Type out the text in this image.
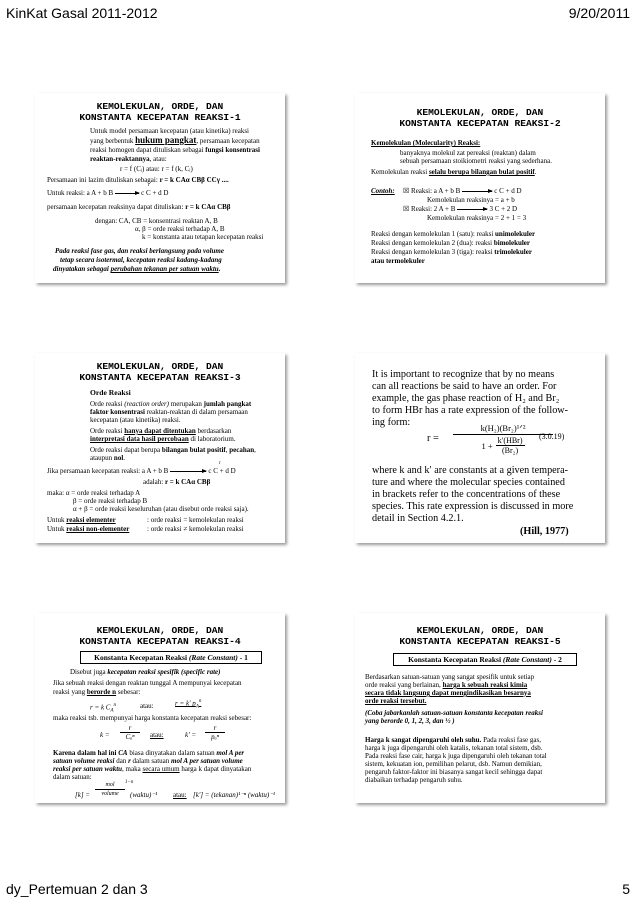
KinKat Gasal 2011-2012	9/20/2011
dy_Pertemuan 2 dan 3	5
KEMOLEKULAN, ORDE, DAN
KONSTANTA KECEPATAN REAKSI-1
Untuk model persamaan kecepatan (atau kinetika) reaksi
yang berbentuk hukum pangkat, persamaan kecepatan
reaksi homogen dapat dituliskan sebagai fungsi konsentrasi
reaktan-reaktannya, atau:
r = f (Cᵢ) atau: r = f (k, Cᵢ)
Persamaan ini lazim dituliskan sebagai: r = k CAα CBβ CCγ ....
Untuk reaksi: a A + b B	c C + d D
r
persamaan kecepatan reaksinya dapat dituliskan: r = k CAα CBβ
dengan: CA, CB = konsentrasi reaktan A, B
α, β = orde reaksi terhadap A, B
k = konstanta atau tetapan kecepatan reaksi
Pada reaksi fase gas, dan reaksi berlangsung pada volume
tetap secara isotermal, kecepatan reaksi kadang-kadang
dinyatakan sebagai perubahan tekanan per satuan waktu.
KEMOLEKULAN, ORDE, DAN
KONSTANTA KECEPATAN REAKSI-2
Kemolekulan (Molecularity) Reaksi:
banyaknya molekul zat pereaksi (reaktan) dalam
sebuah persamaan stoikiometri reaksi yang sederhana.
Kemolekulan reaksi selalu berupa bilangan bulat positif.
Contoh: ☒ Reaksi: a A + b B	c C + d D
Kemolekulan reaksinya = a + b
☒ Reaksi: 2 A + B	3 C + 2 D
Kemolekulan reaksinya = 2 + 1 = 3
Reaksi dengan kemolekulan 1 (satu): reaksi unimolekuler
Reaksi dengan kemolekulan 2 (dua): reaksi bimolekuler
Reaksi dengan kemolekulan 3 (tiga): reaksi trimolekuler
atau termolekuler
KEMOLEKULAN, ORDE, DAN
KONSTANTA KECEPATAN REAKSI-3
Orde Reaksi
Orde reaksi (reaction order) merupakan jumlah pangkat
faktor konsentrasi reaktan-reaktan di dalam persamaan
kecepatan (atau kinetika) reaksi.
Orde reaksi hanya dapat ditentukan berdasarkan
interpretasi data hasil percobaan di laboratorium.
Orde reaksi dapat berupa bilangan bulat positif, pecahan,
ataupun nol.
Jika persamaan kecepatan reaksi: a A + b B	c C + d D
r
adalah: r = k CAα CBβ
maka: α = orde reaksi terhadap A
β = orde reaksi terhadap B
α + β = orde reaksi keseluruhan (atau disebut orde reaksi saja).
Untuk reaksi elementer	: orde reaksi = kemolekulan reaksi
Untuk reaksi non-elementer	: orde reaksi ≠ kemolekulan reaksi
It is important to recognize that by no means
can all reactions be said to have an order. For
example, the gas phase reaction of H₂ and Br₂
to form HBr has a rate expression of the follow-
ing form:
r =
k(H₂)(Br₂)¹ᐟ²
$1 + \frac{\text{k′(HBr)}}{\text{(Br₂)}} (3.0.19)$
where k and k′ are constants at a given tempera-
ture and where the molecular species contained
in brackets refer to the concentrations of these
species. This rate expression is discussed in more
detail in Section 4.2.1.
(Hill, 1977)
KEMOLEKULAN, ORDE, DAN
KONSTANTA KECEPATAN REAKSI-4
Konstanta Kecepatan Reaksi (Rate Constant) - 1
Disebut juga kecepatan reaksi spesifik (specific rate)
Jika sebuah reaksi dengan reaktan tunggal A mempunyai kecepatan
reaksi yang berorde n sebesar:
r = k $C_A^n$	atau:	r = k' $p_A^n$
maka reaksi tsb. mempunyai harga konstanta kecepatan reaksi sebesar:
k =
r
Cₐⁿ	atau:	k' =
r
pₐⁿ
Karena dalam hal ini CA biasa dinyatakan dalam satuan mol A per
satuan volume reaksi dan r dalam satuan mol A per satuan volume
reaksi per satuan waktu, maka secara umum harga k dapat dinyatakan
dalam satuan:
[k] =
mol
volume
1−n
(waktu)⁻¹ atau: [k'] = (tekanan)¹⁻ⁿ (waktu)⁻¹
KEMOLEKULAN, ORDE, DAN
KONSTANTA KECEPATAN REAKSI-5
Konstanta Kecepatan Reaksi (Rate Constant) - 2
Berdasarkan satuan-satuan yang sangat spesifik untuk setiap
orde reaksi yang berlainan, harga k sebuah reaksi kimia
secara tidak langsung dapat mengindikasikan besarnya
orde reaksi tersebut.
(Coba jabarkanlah satuan-satuan konstanta kecepatan reaksi
yang berorde 0, 1, 2, 3, dan ½ )
Harga k sangat dipengaruhi oleh suhu. Pada reaksi fase gas,
harga k juga dipengaruhi oleh katalis, tekanan total sistem, dsb.
Pada reaksi fase cair, harga k juga dipengaruhi oleh tekanan total
sistem, kekuatan ion, pemilihan pelarut, dsb. Namun demikian,
pengaruh faktor-faktor ini biasanya sangat kecil sehingga dapat
diabaikan terhadap pengaruh suhu.
